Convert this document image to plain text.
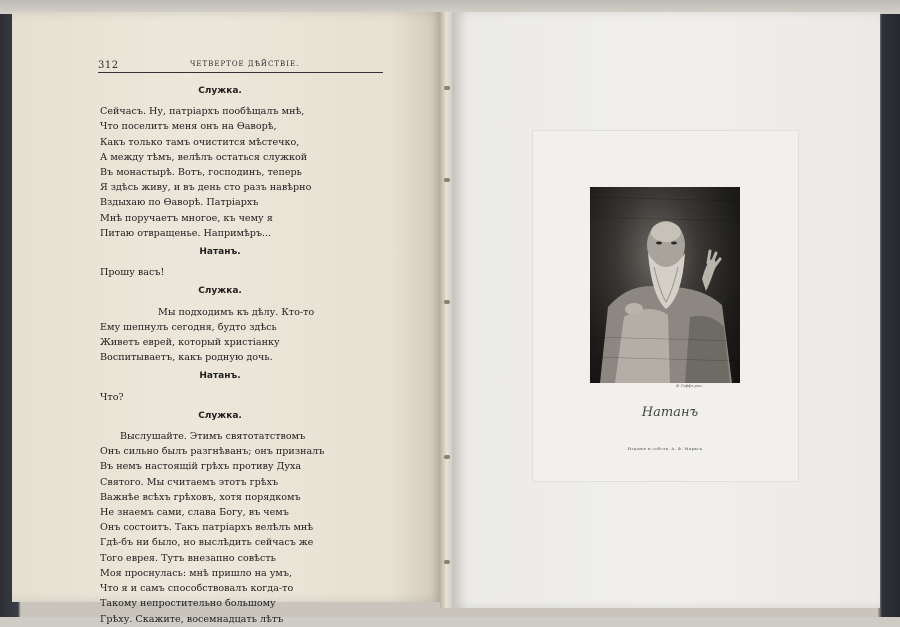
312	ЧЕТВЕРТОЕ ДѢЙСТВIЕ.
Служка.
Сейчасъ. Ну, патрiархъ пообѣщалъ мнѣ,
Что поселитъ меня онъ на Ѳаворѣ,
Какъ только тамъ очистится мѣстечко,
А между тѣмъ, велѣлъ остаться служкой
Въ монастырѣ. Вотъ, господинъ, теперь
Я здѣсь живу, и въ день сто разъ навѣрно
Вздыхаю по Ѳаворѣ. Патрiархъ
Мнѣ поручаетъ многое, къ чему я
Питаю отвращенье. Напримѣръ...
Натанъ.
Прошу васъ!
Служка.
Мы подходимъ къ дѣлу. Кто-то
Ему шепнулъ сегодня, будто здѣсь
Живетъ еврей, который христiанку
Воспитываетъ, какъ родную дочь.
Натанъ.
Что?
Служка.
Выслушайте. Этимъ святотатствомъ
Онъ сильно былъ разгнѣванъ; онъ призналъ
Въ немъ настоящiй грѣхъ противу Духа
Святого. Мы считаемъ этотъ грѣхъ
Важнѣе всѣхъ грѣховъ, хотя порядкомъ
Не знаемъ сами, слава Богу, въ чемъ
Онъ состоитъ. Такъ патрiархъ велѣлъ мнѣ
Гдѣ-бъ ни было, но выслѣдить сейчасъ же
Того еврея. Тутъ внезапно совѣсть
Моя проснулась: мнѣ пришло на умъ,
Что я и самъ способствовалъ когда-то
Такому непростительно большому
Грѣху. Скажите, восемнадцать лѣтъ
Ф. Гоффъ рѣз.
Натанъ
Изданiе и собств. А. Ф. Маркса
